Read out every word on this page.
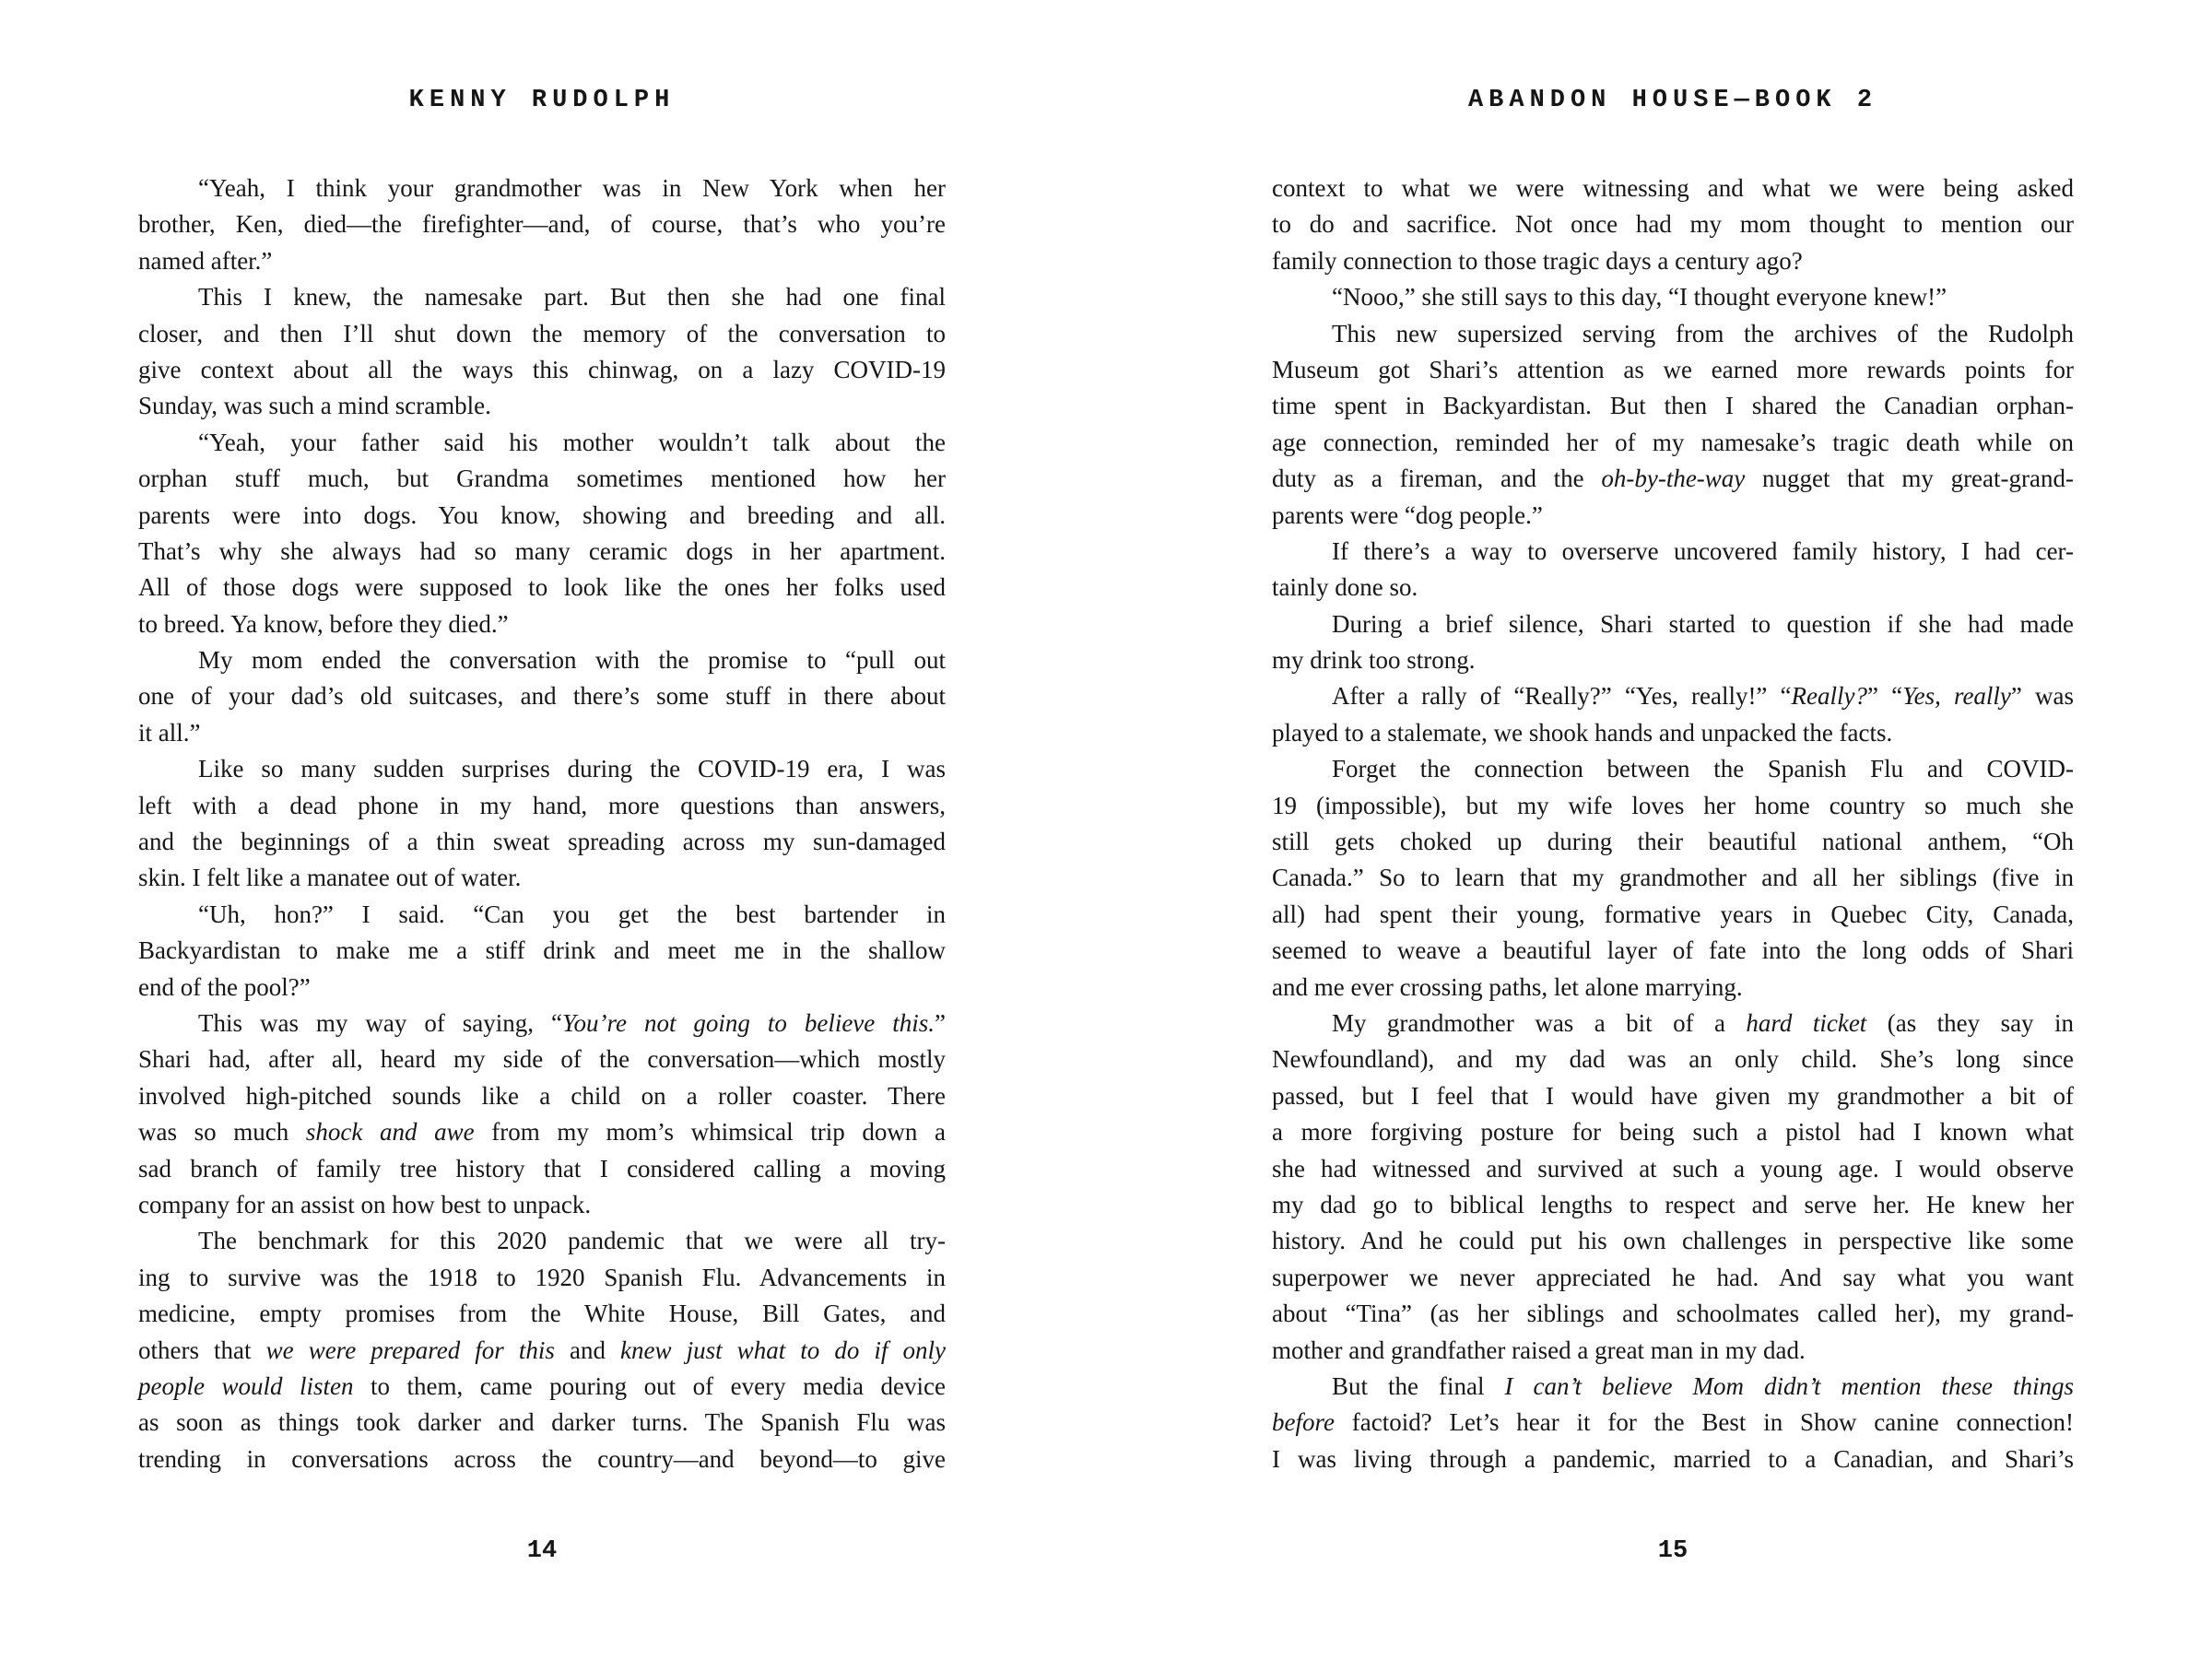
KENNY RUDOLPH
“Yeah, I think your grandmother was in New York when her
brother, Ken, died—the firefighter—and, of course, that’s who you’re
named after.”
This I knew, the namesake part. But then she had one final
closer, and then I’ll shut down the memory of the conversation to
give context about all the ways this chinwag, on a lazy COVID-19
Sunday, was such a mind scramble.
“Yeah, your father said his mother wouldn’t talk about the
orphan stuff much, but Grandma sometimes mentioned how her
parents were into dogs. You know, showing and breeding and all.
That’s why she always had so many ceramic dogs in her apartment.
All of those dogs were supposed to look like the ones her folks used
to breed. Ya know, before they died.”
My mom ended the conversation with the promise to “pull out
one of your dad’s old suitcases, and there’s some stuff in there about
it all.”
Like so many sudden surprises during the COVID-19 era, I was
left with a dead phone in my hand, more questions than answers,
and the beginnings of a thin sweat spreading across my sun-damaged
skin. I felt like a manatee out of water.
“Uh, hon?” I said. “Can you get the best bartender in
Backyardistan to make me a stiff drink and meet me in the shallow
end of the pool?”
This was my way of saying, “You’re not going to believe this.”
Shari had, after all, heard my side of the conversation—which mostly
involved high-pitched sounds like a child on a roller coaster. There
was so much shock and awe from my mom’s whimsical trip down a
sad branch of family tree history that I considered calling a moving
company for an assist on how best to unpack.
The benchmark for this 2020 pandemic that we were all try-
ing to survive was the 1918 to 1920 Spanish Flu. Advancements in
medicine, empty promises from the White House, Bill Gates, and
others that we were prepared for this and knew just what to do if only
people would listen to them, came pouring out of every media device
as soon as things took darker and darker turns. The Spanish Flu was
trending in conversations across the country—and beyond—to give
14
ABANDON HOUSE—BOOK 2
context to what we were witnessing and what we were being asked
to do and sacrifice. Not once had my mom thought to mention our
family connection to those tragic days a century ago?
“Nooo,” she still says to this day, “I thought everyone knew!”
This new supersized serving from the archives of the Rudolph
Museum got Shari’s attention as we earned more rewards points for
time spent in Backyardistan. But then I shared the Canadian orphan-
age connection, reminded her of my namesake’s tragic death while on
duty as a fireman, and the oh-by-the-way nugget that my great-grand-
parents were “dog people.”
If there’s a way to overserve uncovered family history, I had cer-
tainly done so.
During a brief silence, Shari started to question if she had made
my drink too strong.
After a rally of “Really?” “Yes, really!” “Really?” “Yes, really” was
played to a stalemate, we shook hands and unpacked the facts.
Forget the connection between the Spanish Flu and COVID-
19 (impossible), but my wife loves her home country so much she
still gets choked up during their beautiful national anthem, “Oh
Canada.” So to learn that my grandmother and all her siblings (five in
all) had spent their young, formative years in Quebec City, Canada,
seemed to weave a beautiful layer of fate into the long odds of Shari
and me ever crossing paths, let alone marrying.
My grandmother was a bit of a hard ticket (as they say in
Newfoundland), and my dad was an only child. She’s long since
passed, but I feel that I would have given my grandmother a bit of
a more forgiving posture for being such a pistol had I known what
she had witnessed and survived at such a young age. I would observe
my dad go to biblical lengths to respect and serve her. He knew her
history. And he could put his own challenges in perspective like some
superpower we never appreciated he had. And say what you want
about “Tina” (as her siblings and schoolmates called her), my grand-
mother and grandfather raised a great man in my dad.
But the final I can’t believe Mom didn’t mention these things
before factoid? Let’s hear it for the Best in Show canine connection!
I was living through a pandemic, married to a Canadian, and Shari’s
15
